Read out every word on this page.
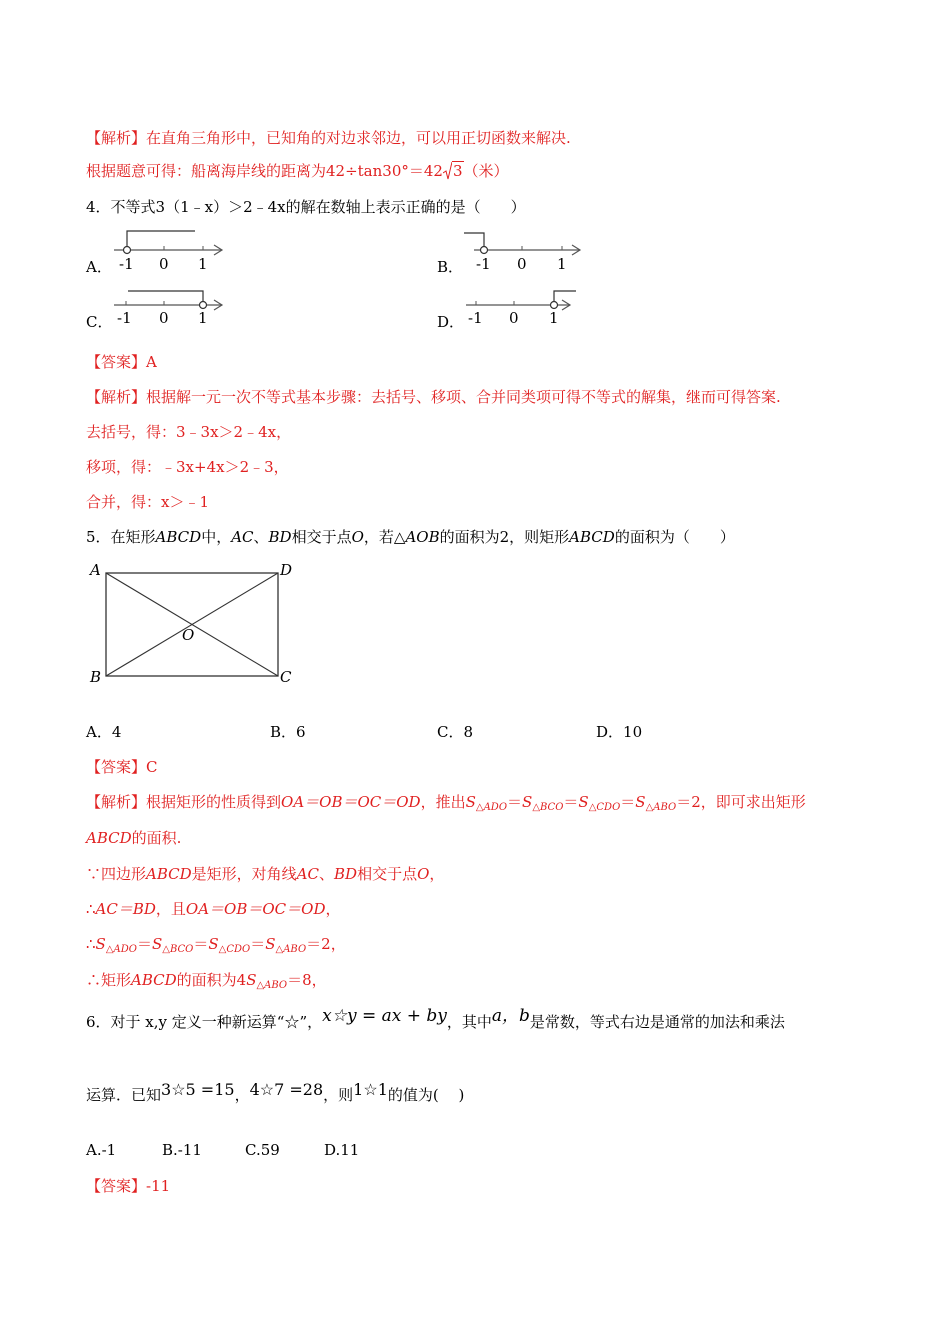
【解析】在直角三角形中，已知角的对边求邻边，可以用正切函数来解决.
根据题意可得：船离海岸线的距离为42÷tan30°＝42 3（米）
4．不等式3（1﹣x）＞2﹣4x的解在数轴上表示正确的是（　　）
A． -1 0 1	B． -1 0 1
C． -1 0 1	D． -1 0 1
【答案】A
【解析】根据解一元一次不等式基本步骤：去括号、移项、合并同类项可得不等式的解集，继而可得答案.
去括号，得：3﹣3x＞2﹣4x，
移项，得：﹣3x+4x＞2﹣3，
合并，得：x＞﹣1
5．在矩形ABCD中，AC、BD相交于点O，若△AOB的面积为2，则矩形ABCD的面积为（　　）
A	D
B	C
O
A．4	B．6	C．8	D．10
【答案】C
【解析】根据矩形的性质得到OA＝OB＝OC＝OD，推出$S_{\triangle ADO}=S_{\triangle BCO}=S_{\triangle CDO}=S_{\triangle ABO}=2$，即可求出矩形
ABCD的面积.
∵四边形ABCD是矩形，对角线AC、BD相交于点O，
∴AC＝BD，且OA＝OB＝OC＝OD，
$\therefore S_{\triangle ADO}=S_{\triangle BCO}=S_{\triangle CDO}=S_{\triangle ABO}=2$，
∴矩形ABCD的面积为$4S_{\triangle ABO}=8$，
6．对于 x,y 定义一种新运算“☆”，x☆y = ax + by，其中a，b是常数，等式右边是通常的加法和乘法
运算．已知3☆5 =15，4☆7 =28，则1☆1的值为(　 )
A.-1	B.-11	C.59	D.11
【答案】-11
